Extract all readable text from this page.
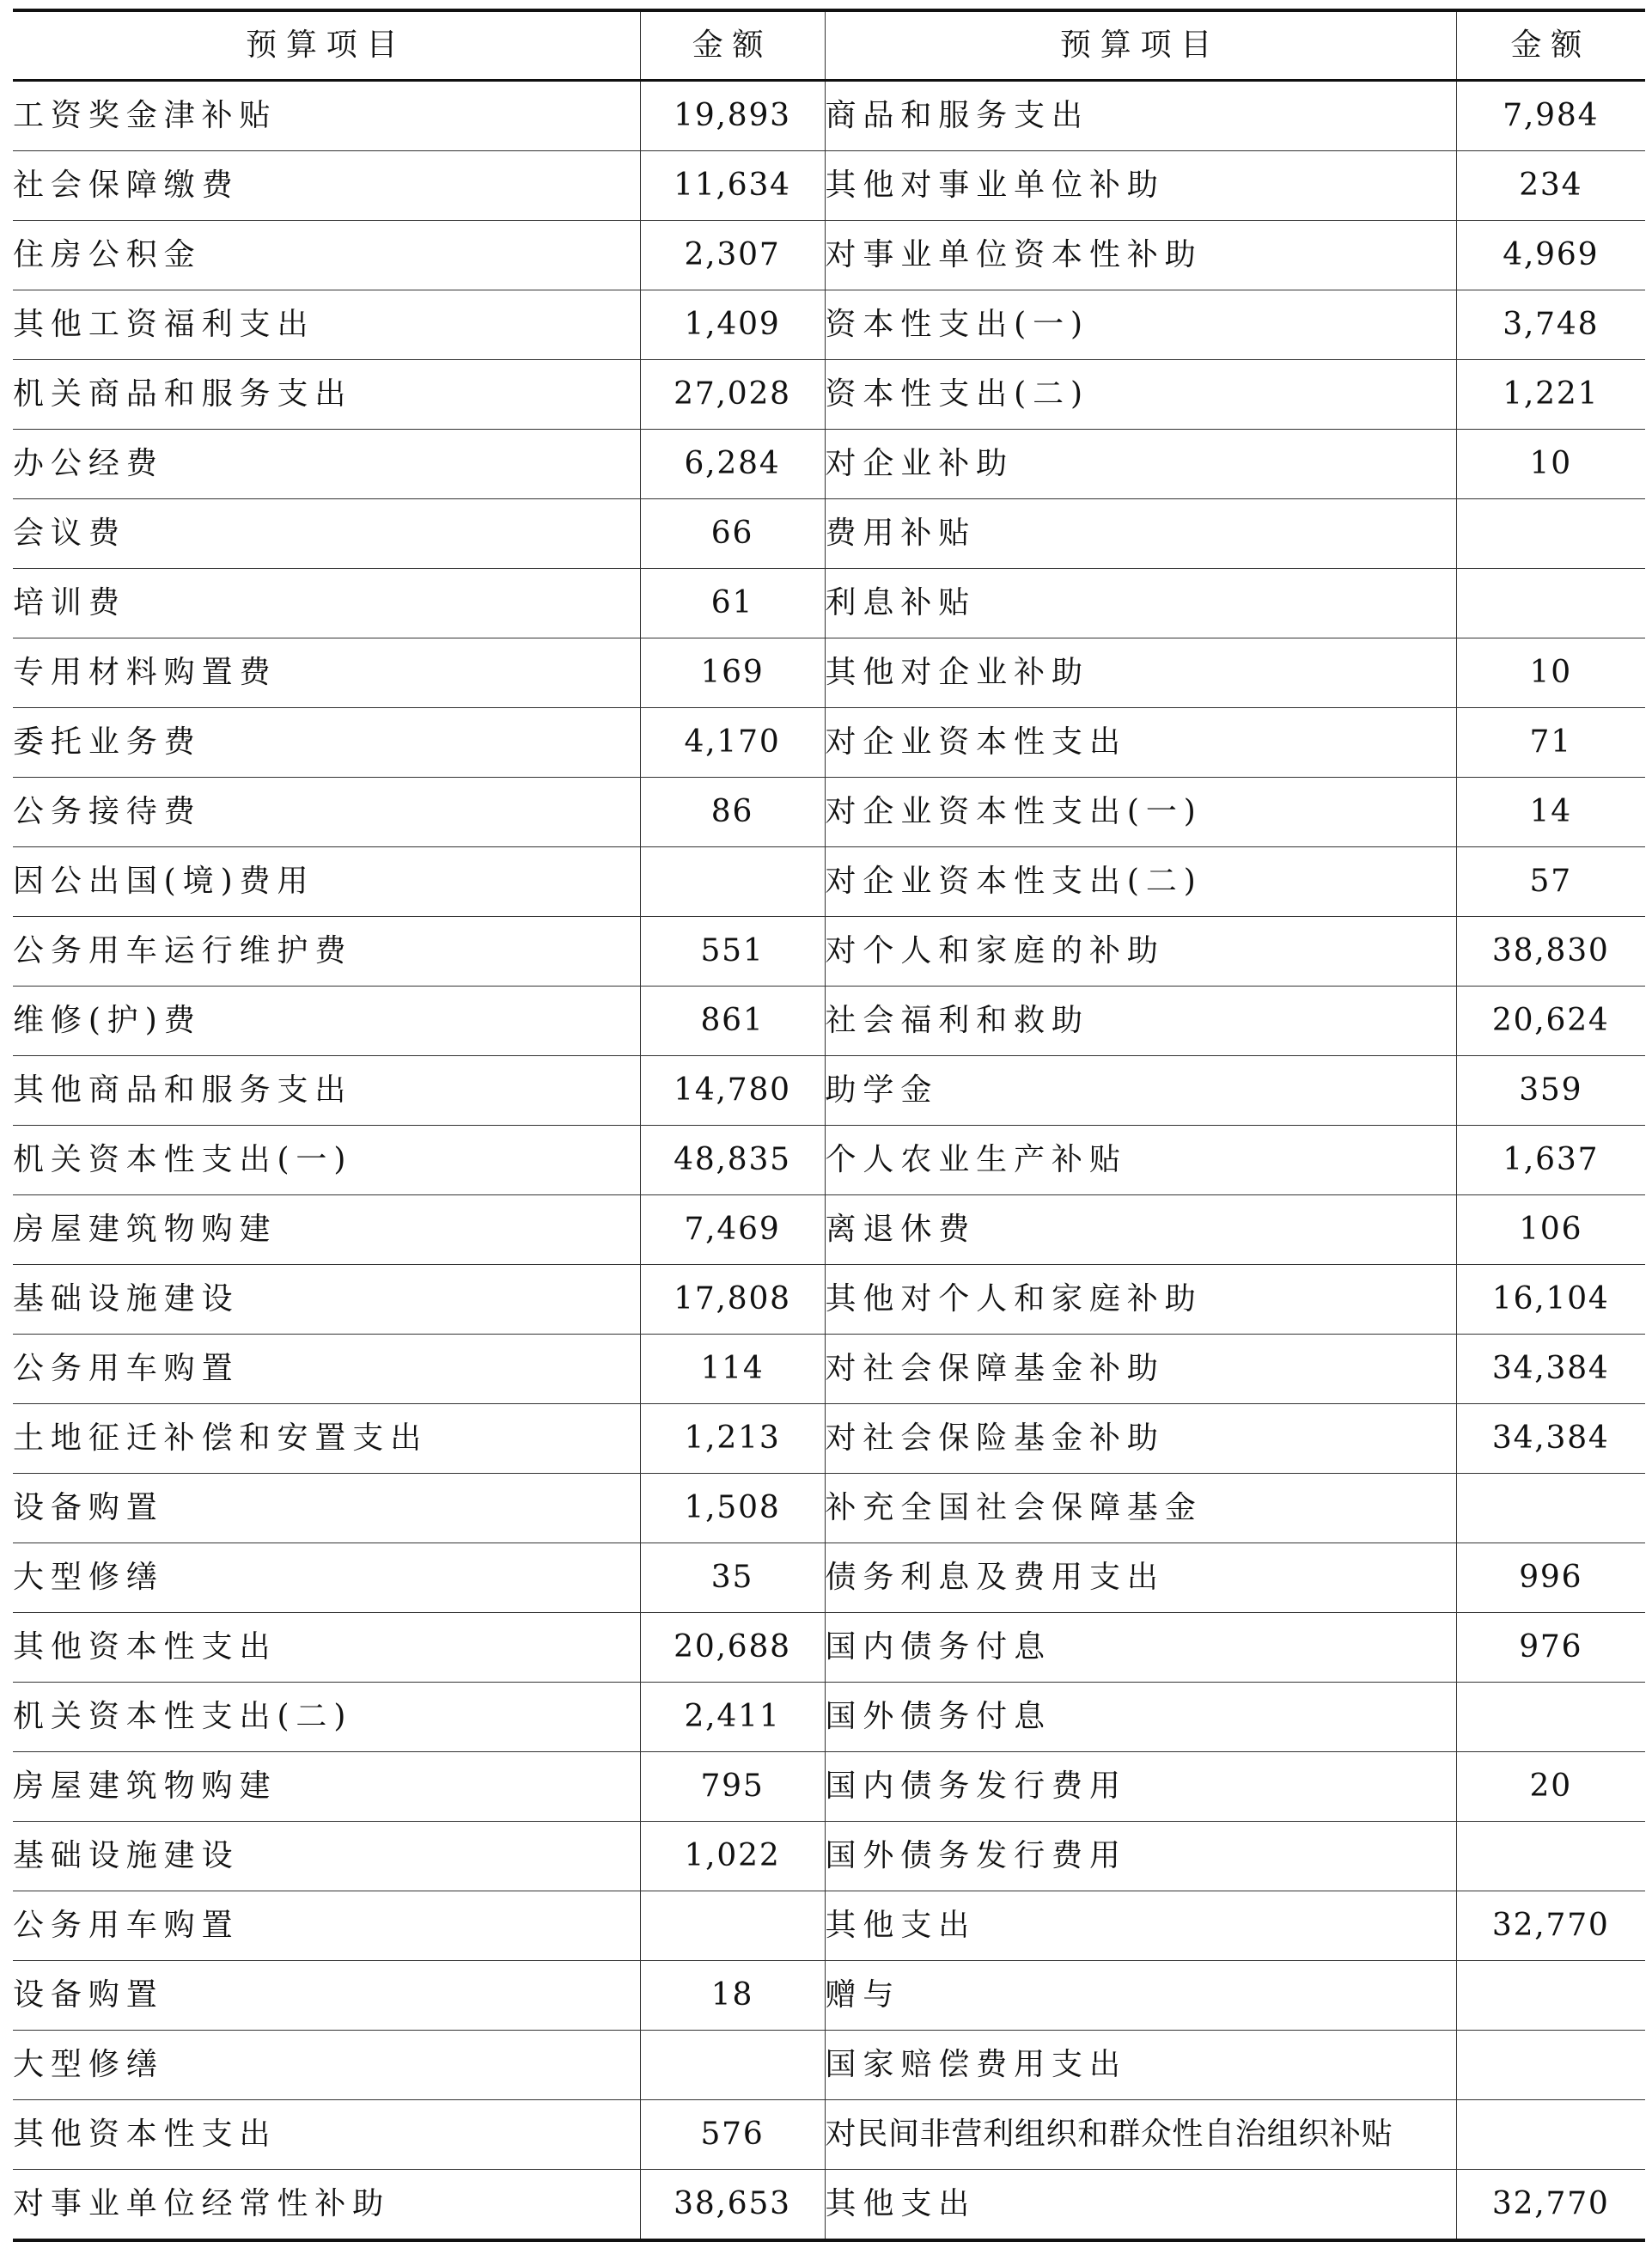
预算项目	金额	预算项目	金额
工资奖金津补贴	19,893	商品和服务支出	7,984
社会保障缴费	11,634	其他对事业单位补助	234
住房公积金	2,307	对事业单位资本性补助	4,969
其他工资福利支出	1,409	资本性支出(一)	3,748
机关商品和服务支出	27,028	资本性支出(二)	1,221
办公经费	6,284	对企业补助	10
会议费	66	费用补贴	
培训费	61	利息补贴	
专用材料购置费	169	其他对企业补助	10
委托业务费	4,170	对企业资本性支出	71
公务接待费	86	对企业资本性支出(一)	14
因公出国(境)费用		对企业资本性支出(二)	57
公务用车运行维护费	551	对个人和家庭的补助	38,830
维修(护)费	861	社会福利和救助	20,624
其他商品和服务支出	14,780	助学金	359
机关资本性支出(一)	48,835	个人农业生产补贴	1,637
房屋建筑物购建	7,469	离退休费	106
基础设施建设	17,808	其他对个人和家庭补助	16,104
公务用车购置	114	对社会保障基金补助	34,384
土地征迁补偿和安置支出	1,213	对社会保险基金补助	34,384
设备购置	1,508	补充全国社会保障基金	
大型修缮	35	债务利息及费用支出	996
其他资本性支出	20,688	国内债务付息	976
机关资本性支出(二)	2,411	国外债务付息	
房屋建筑物购建	795	国内债务发行费用	20
基础设施建设	1,022	国外债务发行费用	
公务用车购置		其他支出	32,770
设备购置	18	赠与	
大型修缮		国家赔偿费用支出	
其他资本性支出	576	对民间非营利组织和群众性自治组织补贴	
对事业单位经常性补助	38,653	其他支出	32,770
